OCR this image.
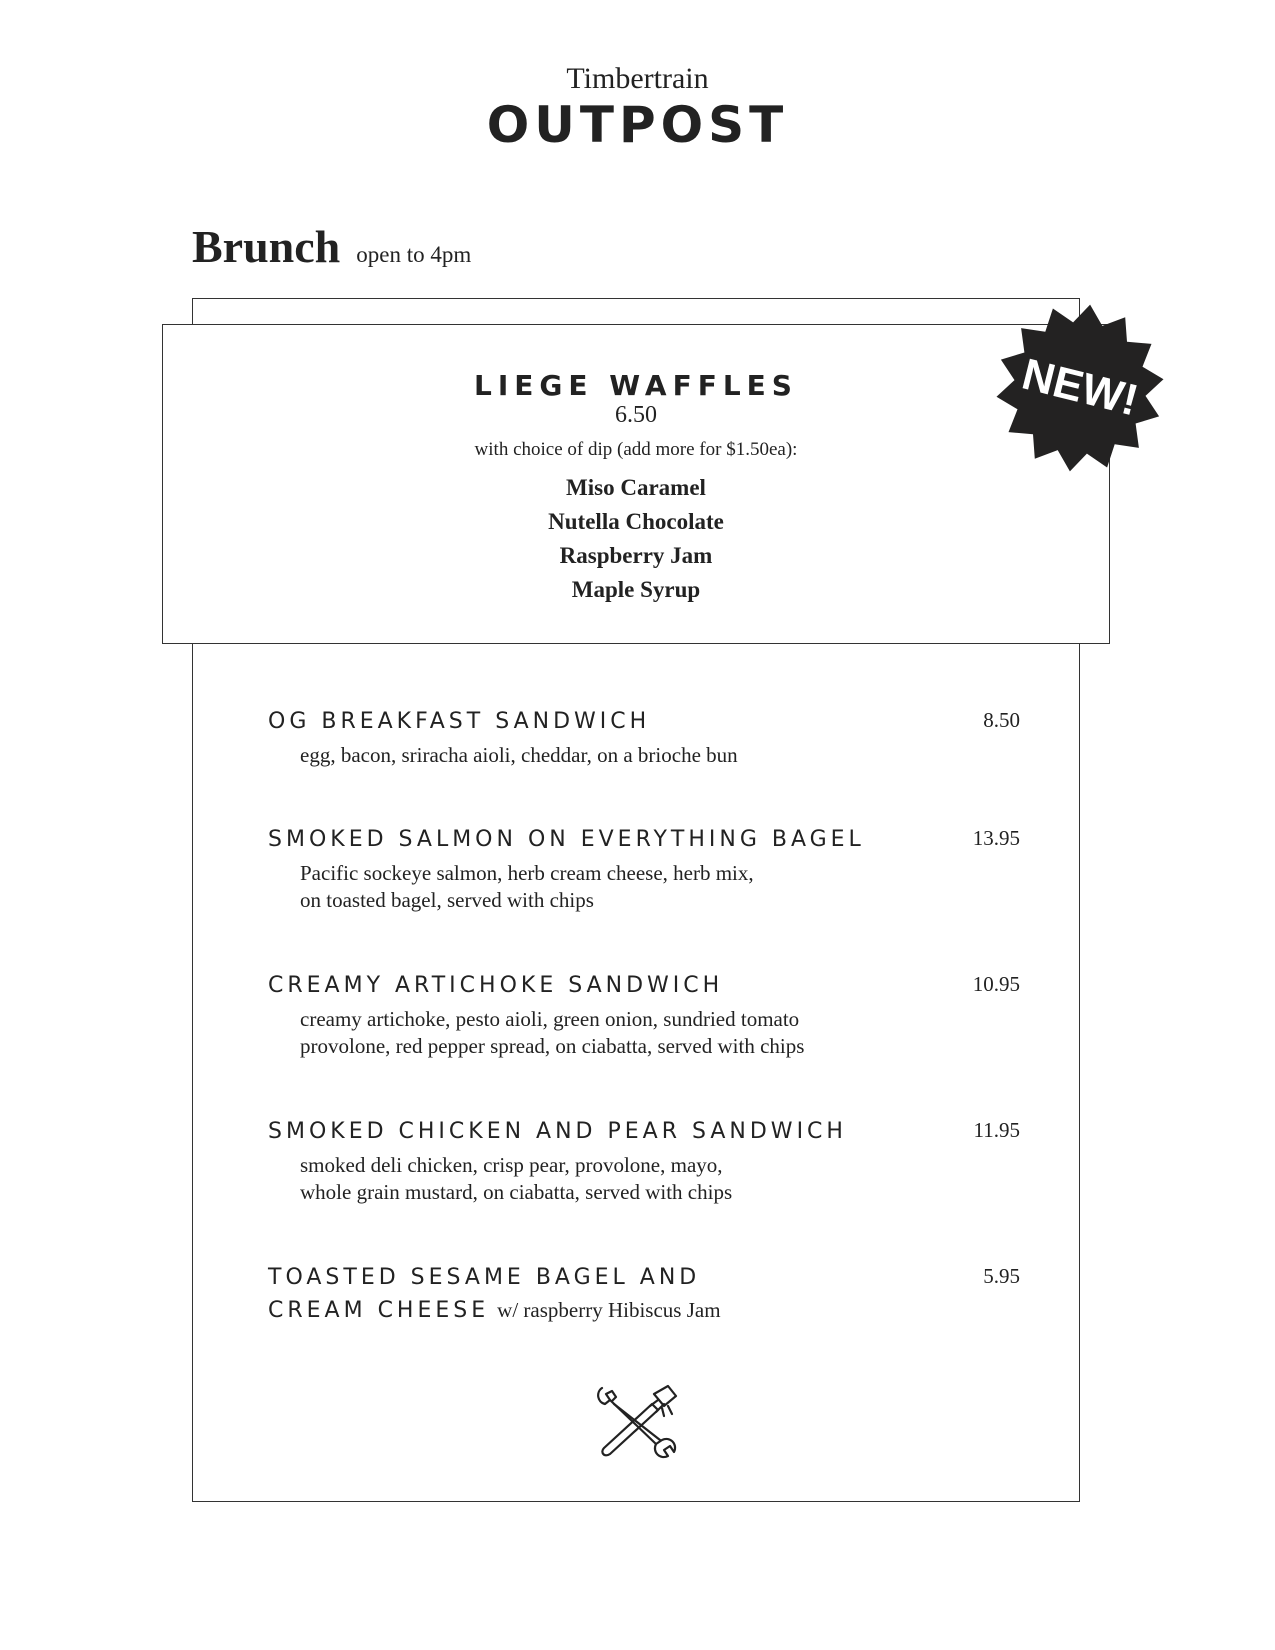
Timbertrain
OUTPOST
Brunch open to 4pm
LIEGE WAFFLES
6.50
with choice of dip (add more for $1.50ea):
Miso Caramel
Nutella Chocolate
Raspberry Jam
Maple Syrup
NEW!
OG BREAKFAST SANDWICH	8.50
egg, bacon, sriracha aioli, cheddar, on a brioche bun
SMOKED SALMON ON EVERYTHING BAGEL	13.95
Pacific sockeye salmon, herb cream cheese, herb mix,
on toasted bagel, served with chips
CREAMY ARTICHOKE SANDWICH	10.95
creamy artichoke, pesto aioli, green onion, sundried tomato
provolone, red pepper spread, on ciabatta, served with chips
SMOKED CHICKEN AND PEAR SANDWICH	11.95
smoked deli chicken, crisp pear, provolone, mayo,
whole grain mustard, on ciabatta, served with chips
TOASTED SESAME BAGEL AND
CREAM CHEESE w/ raspberry Hibiscus Jam
5.95
